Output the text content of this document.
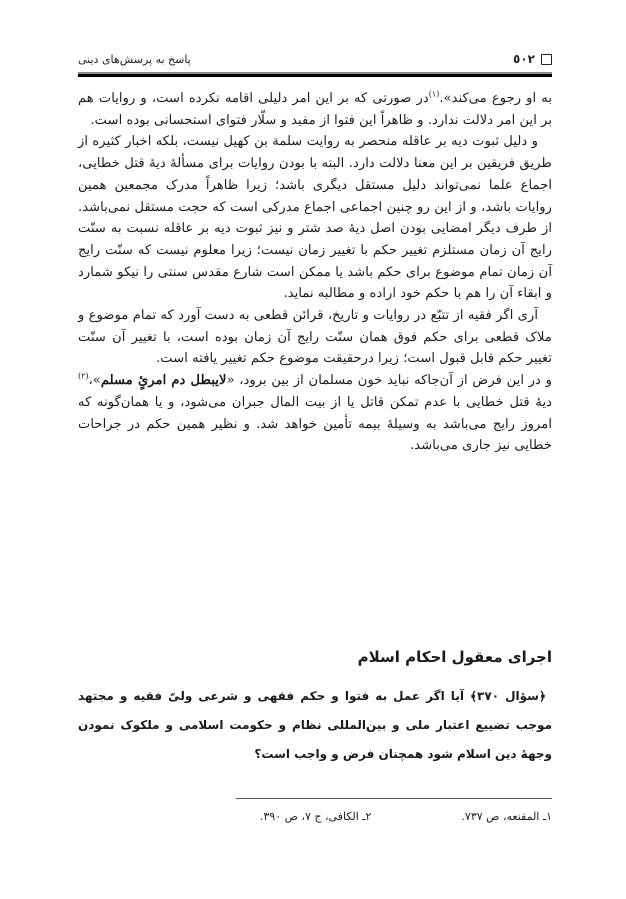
٥٠٢
پاسخ به پرسش‌های دینی

به او رجوع می‌کند».$^{(١)}$در صورتی که بر این امر دلیلی اقامه نکرده است، و روایات هم بر این امر دلالت ندارد. و ظاهراً این فتوا از مفید و سلّار فتوای استحسانی بوده است.

و دلیل ثبوت دیه بر عاقله منحصر به روایت سلمة بن کهیل نیست، بلکه اخبار کثیره از طریق فریقین بر این معنا دلالت دارد. البته با بودن روایات برای مسألهٔ دیهٔ قتل خطایی، اجماع علما نمی‌تواند دلیل مستقل دیگری باشد؛ زیرا ظاهراً مدرک مجمعین همین روایات باشد، و از این رو چنین اجماعی اجماع مدرکی است که حجت مستقل نمی‌باشد. از طرف دیگر امضایی بودن اصل دیهٔ صد شتر و نیز ثبوت دیه بر عاقله نسبت به سنّت رایج آن زمان مستلزم تغییر حکم با تغییر زمان نیست؛ زیرا معلوم نیست که سنّت رایج آن زمان تمام موضوع برای حکم باشد یا ممکن است شارع مقدس سنتی را نیکو شمارد و ابقاء آن را هم با حکم خود اراده و مطالبه نماید.

آری اگر فقیه از تتبّع در روایات و تاریخ، قرائن قطعی به دست آورد که تمام موضوع و ملاک قطعی برای حکم فوق همان سنّت رایج آن زمان بوده است، با تغییر آن سنّت تغییر حکم قابل قبول است؛ زیرا درحقیقت موضوع حکم تغییر یافته است.

و در این فرض از آن‌جاکه نباید خون مسلمان از بین برود، «لایبطل دم امرئٍ مسلم»،$^{(٢)}$ دیهٔ قتل خطایی با عدم تمکن قاتل یا از بیت المال جبران می‌شود، و یا همان‌گونه که امروز رایج می‌باشد به وسیلهٔ بیمه تأمین خواهد شد. و نظیر همین حکم در جراحات خطایی نیز جاری می‌باشد.

اجرای معقول احکام اسلام
﴿سؤال ٣٧٠﴾ آیا اگر عمل به فتوا و حکم فقهی و شرعی ولیّ فقیه و مجتهد موجب تضییع اعتبار ملی و بین‌المللی نظام و حکومت اسلامی و ملکوک نمودن وجههٔ دین اسلام شود همچنان فرض و واجب است؟
١ـ المقنعه، ص ٧٣٧.
٢ـ الکافی، ج ٧، ص ٣٩٠.
